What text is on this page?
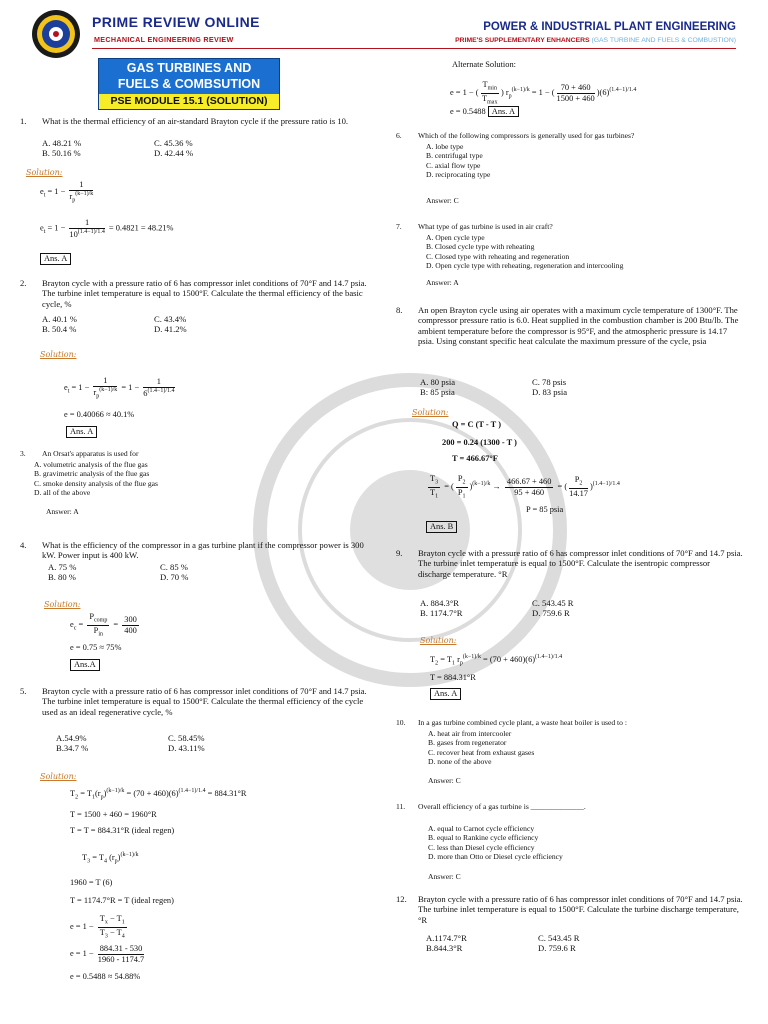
PRIME REVIEW ONLINE
MECHANICAL ENGINEERING REVIEW
POWER & INDUSTRIAL PLANT ENGINEERING
PRIME'S SUPPLEMENTARY ENHANCERS (GAS TURBINE AND FUELS & COMBUSTION)
GAS TURBINES AND
FUELS & COMBSUTION
PSE MODULE 15.1 (SOLUTION)
1. What is the thermal efficiency of an air-standard Brayton cycle if the pressure ratio is 10.
A. 48.21 %	C. 45.36 %
B. 50.16 %	D. 42.44 %
Solution:
$e_t = 1 - \frac{1}{r_p^{(k-1)/k}}$
$e_t = 1 - \frac{1}{10^{(1.4-1)/1.4}} = 0.4821 = 48.21\%$
Ans. A
2. Brayton cycle with a pressure ratio of 6 has compressor inlet conditions of 70°F and 14.7 psia. The turbine inlet temperature is equal to 1500°F. Calculate the thermal efficiency of the basic cycle, %
A. 40.1 %	C. 43.4%
B. 50.4 %	D. 41.2%
Solution:
$e_t = 1 - \frac{1}{r_p^{(k-1)/k}} = 1 - \frac{1}{6^{(1.4-1)/1.4}}$
e = 0.40066 ≈ 40.1%
Ans. A
3. An Orsat's apparatus is used for
A. volumetric analysis of the flue gas
B. gravimetric analysis of the flue gas
C. smoke density analysis of the flue gas
D. all of the above
Answer: A
4. What is the efficiency of the compressor in a gas turbine plant if the compressor power is 300 kW. Power input is 400 kW.
A. 75 %	C. 85 %
B. 80 %	D. 70 %
Solution:
$e_c = \frac{P_{comp}}{P_{in}} = \frac{300}{400}$
e = 0.75 ≈ 75%
Ans.A
5. Brayton cycle with a pressure ratio of 6 has compressor inlet conditions of 70°F and 14.7 psia. The turbine inlet temperature is equal to 1500°F. Calculate the thermal efficiency of the cycle used as an ideal regenerative cycle, %
A.54.9%	C. 58.45%
B.34.7 %	D. 43.11%
Solution:
$T_2 = T_1(r_p)^{(k-1)/k} = (70 + 460)(6)^{(1.4-1)/1.4} = 884.31^\circ R$
T = 1500 + 460 = 1960°R
T = T = 884.31°R (ideal regen)
$T_3 = T_4$ $(r_p)^{(k-1)/k}$
1960 = T (6)
T = 1174.7°R = T (ideal regen)
$e = 1 - \frac{T_x - T_1}{T_3 - T_4}$
$e = 1 - \frac{884.31 - 530}{1960 - 1174.7}$
e = 0.5488 ≈ 54.88%
Alternate Solution:
e = 1 − ( $\frac{T_{min}}{T_{max}}$ ) $r_p^{(k-1)/k} = 1$ − ( $\frac{70 + 460}{1500 + 460} )(6)^{(1.4-1)/1.4}$
e = 0.5488 Ans. A
6. Which of the following compressors is generally used for gas turbines?
A. lobe type
B. centrifugal type
C. axial flow type
D. reciprocating type
Answer: C
7. What type of gas turbine is used in air craft?
A. Open cycle type
B. Closed cycle type with reheating
C. Closed type with reheating and regeneration
D. Open cycle type with reheating, regeneration and intercooling
Answer: A
8. An open Brayton cycle using air operates with a maximum cycle temperature of 1300°F. The compressor pressure ratio is 6.0. Heat supplied in the combustion chamber is 200 Btu/lb. The ambient temperature before the compressor is 95°F, and the atmospheric pressure is 14.17 psia. Using constant specific heat calculate the maximum pressure of the cycle, psia
A. 80 psia	C. 78 psis
B: 85 psia	D. 83 psia
Solution:
Q = C (T - T )
200 = 0.24 (1300 - T )
T = 466.67°F
$\frac{T_3}{T_1}$ = ( $\frac{P_2}{P_1} )^{(k-1)/k} \to \frac{466.67 + 460}{95 + 460}$ = ( $\frac{P_2}{14.17} )^{(1.4-1)/1.4}$
P = 85 psia
Ans. B
9. Brayton cycle with a pressure ratio of 6 has compressor inlet conditions of 70°F and 14.7 psia. The turbine inlet temperature is equal to 1500°F. Calculate the isentropic compressor discharge temperature. °R
A. 884.3°R	C. 543.45 R
B. 1174.7°R	D. 759.6 R
Solution:
$T_2 = T_1$ $r_p^{(k-1)/k} = (70 + 460)(6)^{(1.4-1)/1.4}$
T = 884.31°R
Ans. A
10. In a gas turbine combined cycle plant, a waste heat boiler is used to :
A. heat air from intercooler
B. gases from regenerator
C. recover heat from exhaust gases
D. none of the above
Answer: C
11. Overall efficiency of a gas turbine is ______________.
A. equal to Carnot cycle efficiency
B. equal to Rankine cycle efficiency
C. less than Diesel cycle efficiency
D. more than Otto or Diesel cycle efficiency
Answer: C
12. Brayton cycle with a pressure ratio of 6 has compressor inlet conditions of 70°F and 14.7 psia. The turbine inlet temperature is equal to 1500°F. Calculate the turbine discharge temperature, °R
A.1174.7°R	C. 543.45 R
B.844.3°R	D. 759.6 R
